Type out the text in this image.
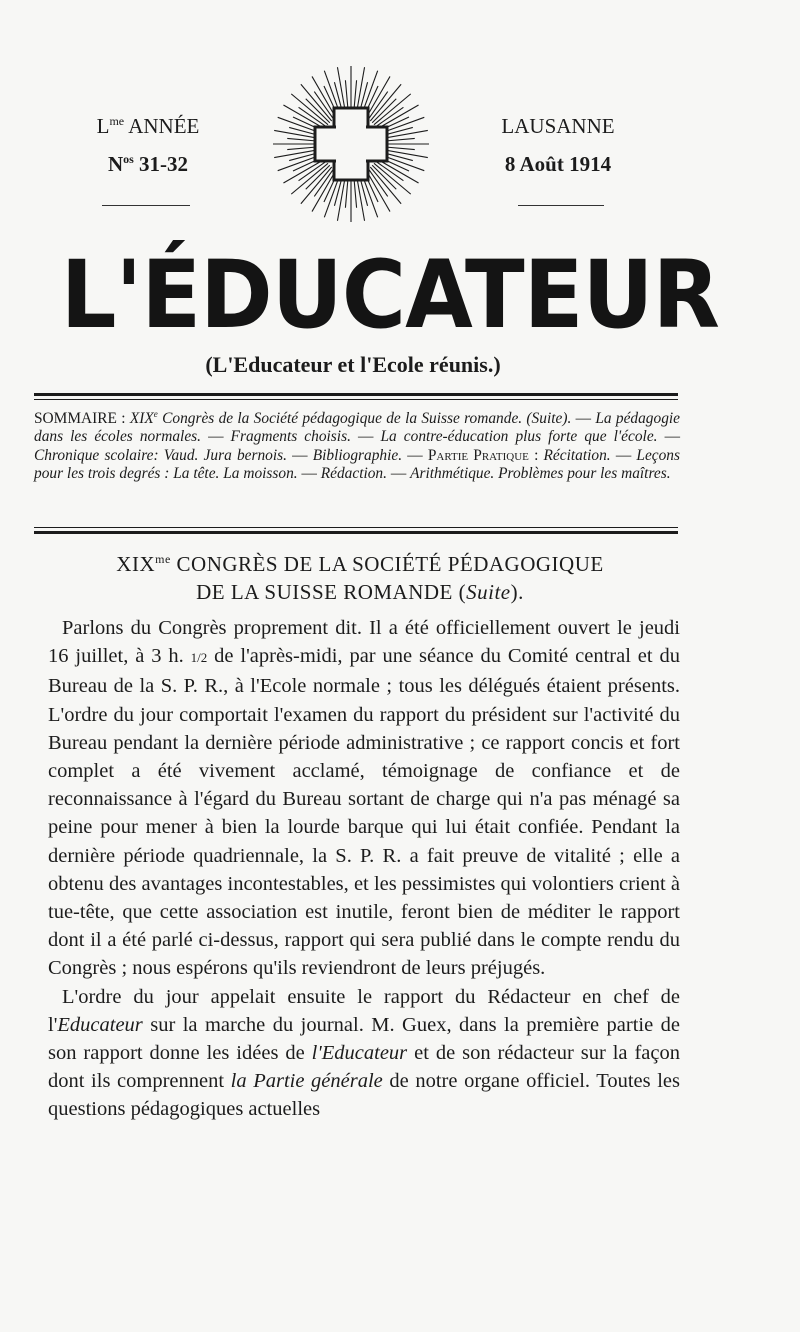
$L^{me}$ ANNÉE
$N^{os}$ 31-32
LAUSANNE
8 Août 1914
L'ÉDUCATEUR
(L'Educateur et l'Ecole réunis.)
SOMMAIRE : XIXe Congrès de la Société pédagogique de la Suisse romande. (Suite). — La pédagogie dans les écoles normales. — Fragments choisis. — La contre-éducation plus forte que l'école. — Chronique scolaire: Vaud. Jura bernois. — Bibliographie. — Partie Pratique : Récitation. — Leçons pour les trois degrés : La tête. La moisson. — Rédaction. — Arithmétique. Problèmes pour les maîtres.
$XIX^{me}$ CONGRÈS DE LA SOCIÉTÉ PÉDAGOGIQUE
DE LA SUISSE ROMANDE (Suite).

Parlons du Congrès proprement dit. Il a été officiellement ouvert le jeudi 16 juillet, à 3 h. 1/2 de l'après-midi, par une séance du Comité central et du Bureau de la S. P. R., à l'Ecole normale ; tous les délégués étaient présents. L'ordre du jour comportait l'examen du rapport du président sur l'activité du Bureau pendant la dernière période administrative ; ce rapport concis et fort complet a été vivement acclamé, témoignage de confiance et de reconnaissance à l'égard du Bureau sortant de charge qui n'a pas ménagé sa peine pour mener à bien la lourde barque qui lui était confiée. Pendant la dernière période quadriennale, la S. P. R. a fait preuve de vitalité ; elle a obtenu des avantages incontestables, et les pessimistes qui volontiers crient à tue-tête, que cette association est inutile, feront bien de méditer le rapport dont il a été parlé ci-dessus, rapport qui sera publié dans le compte rendu du Congrès ; nous espérons qu'ils reviendront de leurs préjugés.

L'ordre du jour appelait ensuite le rapport du Rédacteur en chef de l'Educateur sur la marche du journal. M. Guex, dans la première partie de son rapport donne les idées de l'Educateur et de son rédacteur sur la façon dont ils comprennent la Partie générale de notre organe officiel. Toutes les questions pédagogiques actuelles
